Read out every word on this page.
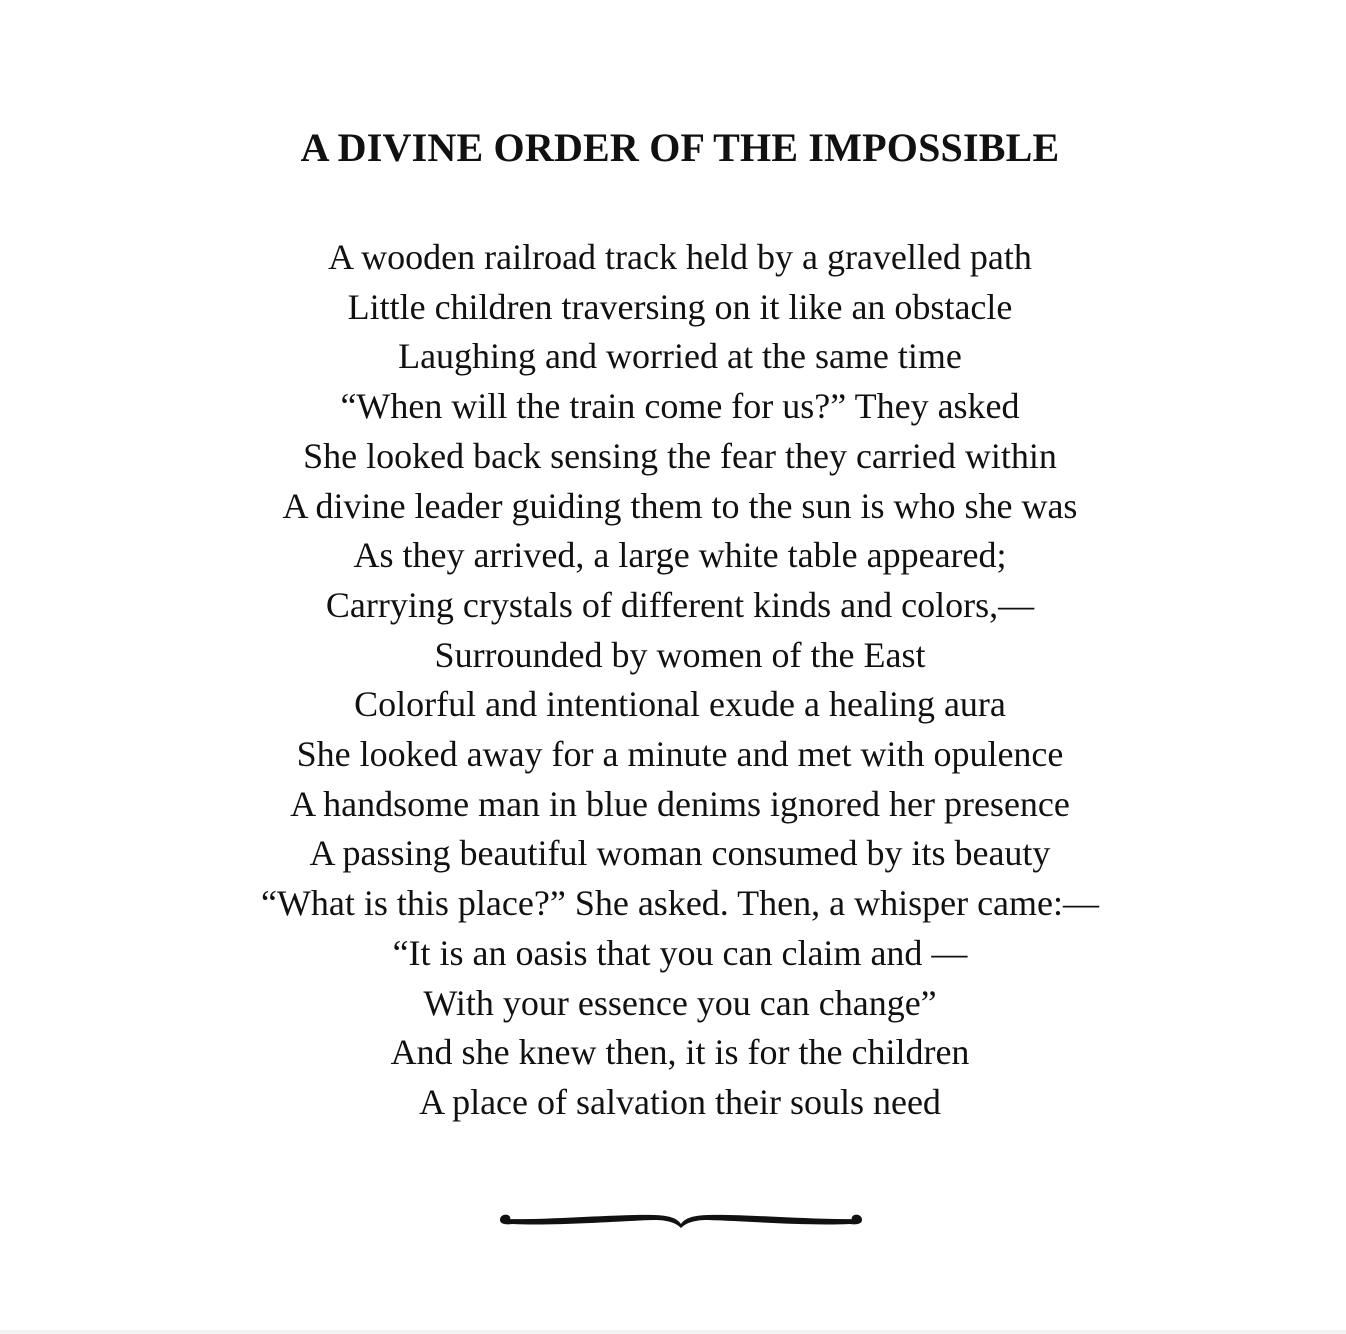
A DIVINE ORDER OF THE IMPOSSIBLE
A wooden railroad track held by a gravelled path
Little children traversing on it like an obstacle
Laughing and worried at the same time
“When will the train come for us?” They asked
She looked back sensing the fear they carried within
A divine leader guiding them to the sun is who she was
As they arrived, a large white table appeared;
Carrying crystals of different kinds and colors,—
Surrounded by women of the East
Colorful and intentional exude a healing aura
She looked away for a minute and met with opulence
A handsome man in blue denims ignored her presence
A passing beautiful woman consumed by its beauty
“What is this place?” She asked. Then, a whisper came:—
“It is an oasis that you can claim and —
With your essence you can change”
And she knew then, it is for the children
A place of salvation their souls need
